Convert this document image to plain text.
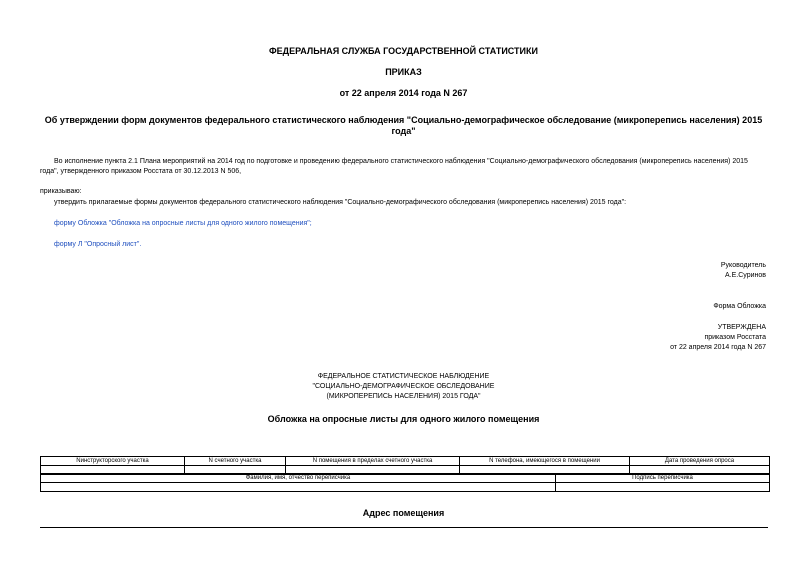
ФЕДЕРАЛЬНАЯ СЛУЖБА ГОСУДАРСТВЕННОЙ СТАТИСТИКИ
ПРИКАЗ
от 22 апреля 2014 года N 267
Об утверждении форм документов федерального статистического наблюдения "Социально-демографическое обследование (микроперепись населения) 2015
года"
Во исполнение пункта 2.1 Плана мероприятий на 2014 год по подготовке и проведению федерального статистического наблюдения "Социально-демографического обследования (микроперепись населения) 2015
года", утвержденного приказом Росстата от 30.12.2013 N 506,
приказываю:
утвердить прилагаемые формы документов федерального статистического наблюдения "Социально-демографического обследования (микроперепись населения) 2015 года":
форму Обложка "Обложка на опросные листы для одного жилого помещения";
форму Л "Опросный лист".
Руководитель
А.Е.Суринов
Форма Обложка
УТВЕРЖДЕНА
приказом Росстата
от 22 апреля 2014 года N 267
ФЕДЕРАЛЬНОЕ СТАТИСТИЧЕСКОЕ НАБЛЮДЕНИЕ
"СОЦИАЛЬНО-ДЕМОГРАФИЧЕСКОЕ ОБСЛЕДОВАНИЕ
(МИКРОПЕРЕПИСЬ НАСЕЛЕНИЯ) 2015 ГОДА"
Обложка на опросные листы для одного жилого помещения
Nинструкторского участка	N счетного участка	N помещения в пределах счетного участка	N телефона, имеющегося в помещении	Дата проведения опроса

Фамилия, имя, отчество переписчика	Подпись переписчика

Адрес помещения
